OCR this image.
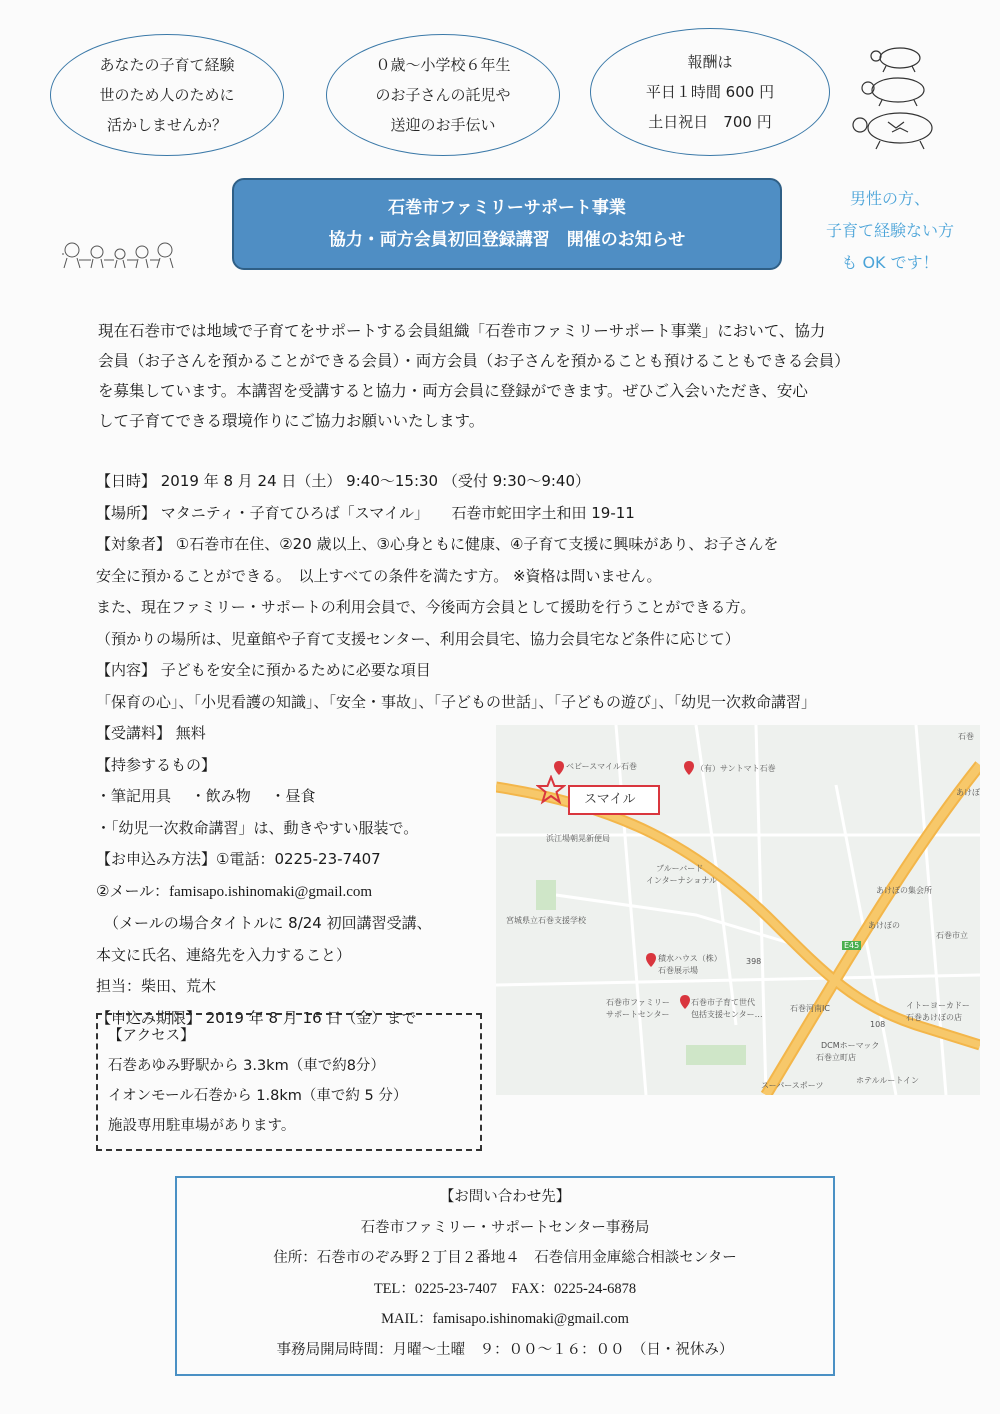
あなたの子育て経験
世のため人のために
活かしませんか？
０歳～小学校６年生
のお子さんの託児や
送迎のお手伝い
報酬は
平日１時間 600 円
土日祝日　700 円
石巻市ファミリーサポート事業
協力・両方会員初回登録講習　開催のお知らせ
男性の方、
子育て経験ない方
も OK です！
現在石巻市では地域で子育てをサポートする会員組織「石巻市ファミリーサポート事業」において、協力
会員（お子さんを預かることができる会員）・両方会員（お子さんを預かることも預けることもできる会員）
を募集しています。本講習を受講すると協力・両方会員に登録ができます。ぜひご入会いただき、安心
して子育てできる環境作りにご協力お願いいたします。
【日時】 2019 年 8 月 24 日（土） 9:40～15:30 （受付 9:30～9:40）
【場所】 マタニティ・子育てひろば「スマイル」　　石巻市蛇田字土和田 19-11
【対象者】 ①石巻市在住、②20 歳以上、③心身ともに健康、④子育て支援に興味があり、お子さんを
安全に預かることができる。　以上すべての条件を満たす方。 ※資格は問いません。
また、現在ファミリー・サポートの利用会員で、今後両方会員として援助を行うことができる方。
（預かりの場所は、児童館や子育て支援センター、利用会員宅、協力会員宅など条件に応じて）
【内容】 子どもを安全に預かるために必要な項目
「保育の心」、「小児看護の知識」、「安全・事故」、「子どもの世話」、「子どもの遊び」、「幼児一次救命講習」
【受講料】 無料
【持参するもの】
・筆記用具　 ・飲み物　 ・昼食
・「幼児一次救命講習」は、動きやすい服装で。
【お申込み方法】①電話：0225-23-7407
②メール：famisapo.ishinomaki@gmail.com
（メールの場合タイトルに 8/24 初回講習受講、
本文に氏名、連絡先を入力すること）
担当：柴田、荒木
【申込み期限】 2019 年 8 月 16 日（金）まで
【アクセス】
石巻あゆみ野駅から 3.3km（車で約8分）
イオンモール石巻から 1.8km（車で約 5 分）
施設専用駐車場があります。
ベビースマイル石巻	（有）サントマト石巻
浜江場朝晃新便局
ブルーバード
インターナショナル
あけぼの集会所
宮城県立石巻支援学校
積水ハウス（株）
石巻展示場
石巻市ファミリー
サポートセンター
石巻市子育て世代
包括支援センター…
イトーヨーカドー
石巻あけぼの店
DCMホーマック
石巻立町店
ホテルルートイン
石巻市立
石巻
あけぼ
石巻河南IC
あけぼの
スーパースポーツ
E45
398
108
スマイル
【お問い合わせ先】
石巻市ファミリー・サポートセンター事務局
住所：石巻市のぞみ野２丁目２番地４　石巻信用金庫総合相談センター
TEL：0225-23-7407　FAX：0225-24-6878
MAIL：famisapo.ishinomaki@gmail.com
事務局開局時間：月曜～土曜　９：００～１６：００　（日・祝休み）
